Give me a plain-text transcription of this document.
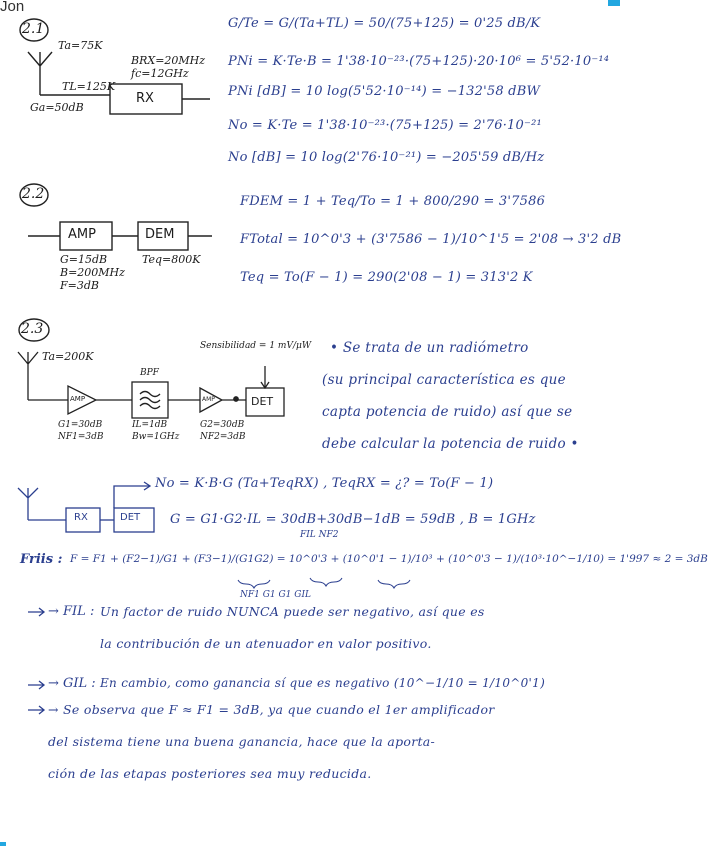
Jon
2.1
2.2
2.3
Ta=75K
TL=125K
Ga=50dB
BRX=20MHz
fc=12GHz
RX
G/Te = G/(Ta+TL) = 50/(75+125) = 0'25 dB/K
PNi = K·Te·B = 1'38·10⁻²³·(75+125)·20·10⁶ = 5'52·10⁻¹⁴
PNi [dB] = 10 log(5'52·10⁻¹⁴) = −132'58 dBW
No = K·Te = 1'38·10⁻²³·(75+125) = 2'76·10⁻²¹
No [dB] = 10 log(2'76·10⁻²¹) = −205'59 dB/Hz
AMP	DEM
G=15dB
B=200MHz
F=3dB
Teq=800K
FDEM = 1 + Teq/To = 1 + 800/290 = 3'7586
FTotal = 10^0'3 + (3'7586 − 1)/10^1'5 = 2'08 → 3'2 dB
Teq = To(F − 1) = 290(2'08 − 1) = 313'2 K
Ta=200K
Sensibilidad = 1 mV/μW
BPF
AMP	AMP	DET
G1=30dB
NF1=3dB
IL=1dB
Bw=1GHz
G2=30dB
NF2=3dB
• Se trata de un radiómetro
(su principal característica es que
capta potencia de ruido) así que se
debe calcular la potencia de ruido •
RX	DET
No = K·B·G (Ta+TeqRX) , TeqRX = ¿? = To(F − 1)
G = G1·G2·IL = 30dB+30dB−1dB = 59dB , B = 1GHz
FIL NF2
Friis : F = F1 + (F2−1)/G1 + (F3−1)/(G1G2) = 10^0'3 + (10^0'1 − 1)/10³ + (10^0'3 − 1)/(10³·10^−1/10) = 1'997 ≈ 2 = 3dB
NF1 G1 G1 GIL
→ FIL : Un factor de ruido NUNCA puede ser negativo, así que es
la contribución de un atenuador en valor positivo.
→ GIL : En cambio, como ganancia sí que es negativo (10^−1/10 = 1/10^0'1)
→ Se observa que F ≈ F1 = 3dB, ya que cuando el 1er amplificador
del sistema tiene una buena ganancia, hace que la aporta-
ción de las etapas posteriores sea muy reducida.
